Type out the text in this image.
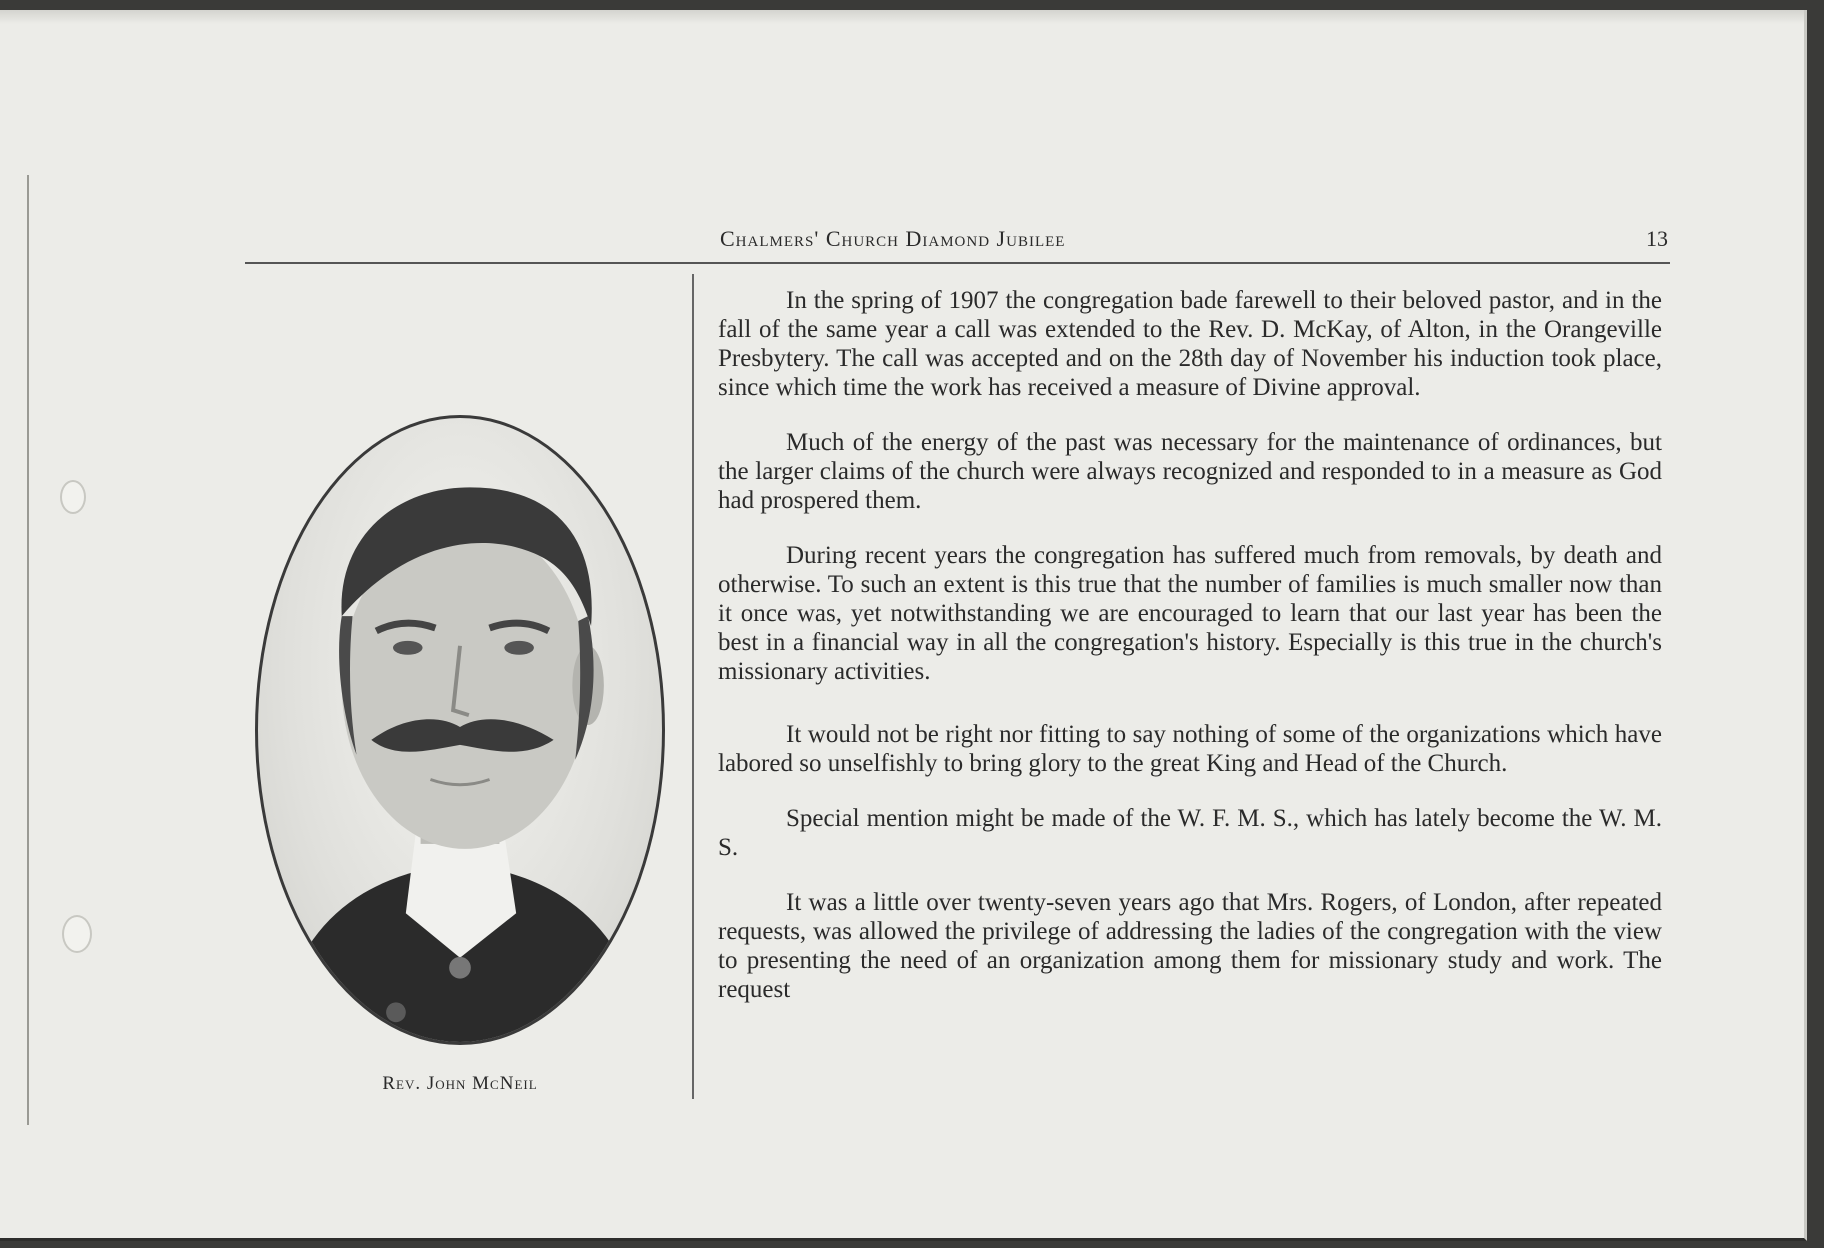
Chalmers' Church Diamond Jubilee	13
Rev. John McNeil

In the spring of 1907 the congregation bade farewell to their beloved pastor, and in the fall of the same year a call was extended to the Rev. D. McKay, of Alton, in the Orangeville Presbytery. The call was accepted and on the 28th day of November his induction took place, since which time the work has received a measure of Divine approval.

Much of the energy of the past was necessary for the maintenance of ordinances, but the larger claims of the church were always recognized and responded to in a measure as God had prospered them.

During recent years the congregation has suffered much from removals, by death and otherwise. To such an extent is this true that the number of families is much smaller now than it once was, yet notwithstanding we are encouraged to learn that our last year has been the best in a financial way in all the congregation's history. Especially is this true in the church's missionary activities.

It would not be right nor fitting to say nothing of some of the organizations which have labored so unselfishly to bring glory to the great King and Head of the Church.

Special mention might be made of the W. F. M. S., which has lately become the W. M. S.

It was a little over twenty-seven years ago that Mrs. Rogers, of London, after repeated requests, was allowed the privilege of addressing the ladies of the congregation with the view to presenting the need of an organization among them for missionary study and work. The request
